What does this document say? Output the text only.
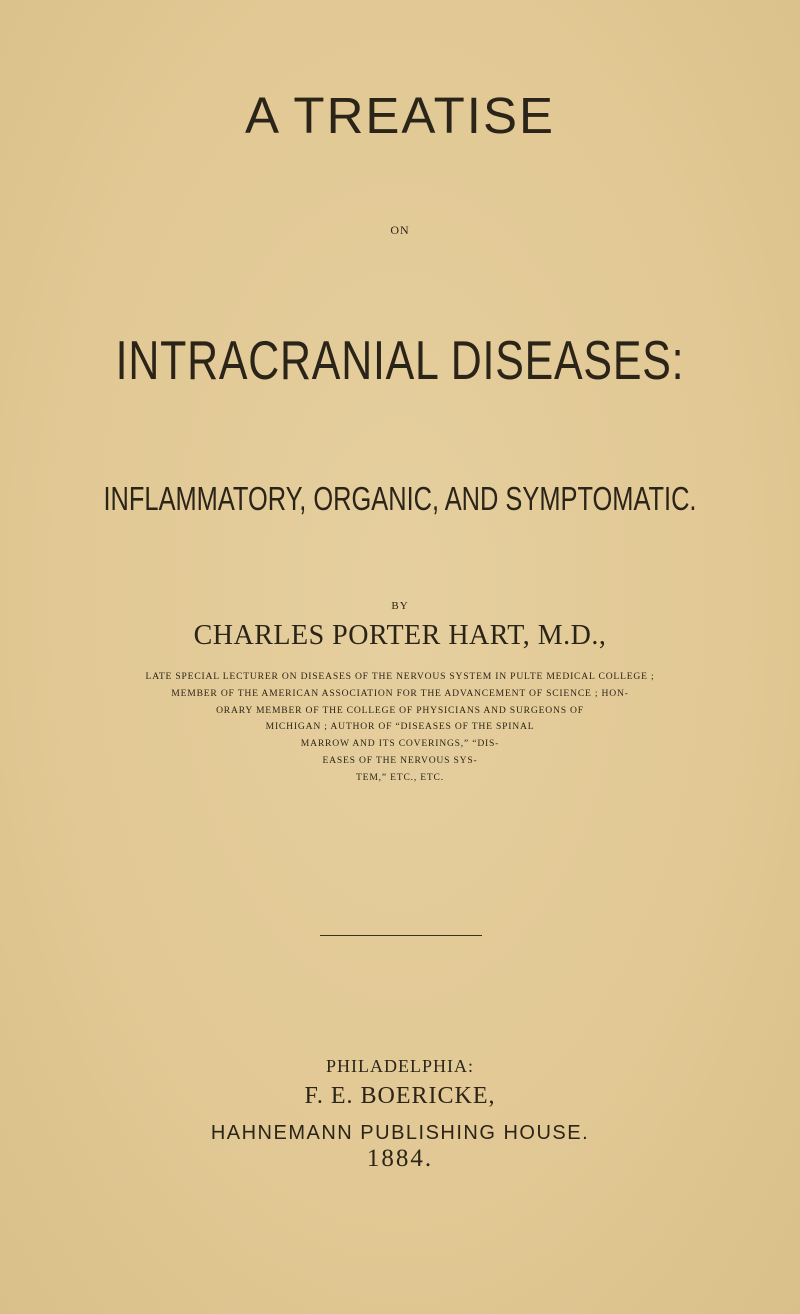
A TREATISE
ON
INTRACRANIAL DISEASES:
INFLAMMATORY, ORGANIC, AND SYMPTOMATIC.
BY
CHARLES PORTER HART, M.D.,
LATE SPECIAL LECTURER ON DISEASES OF THE NERVOUS SYSTEM IN PULTE MEDICAL COLLEGE ;
MEMBER OF THE AMERICAN ASSOCIATION FOR THE ADVANCEMENT OF SCIENCE ; HON-
ORARY MEMBER OF THE COLLEGE OF PHYSICIANS AND SURGEONS OF
MICHIGAN ; AUTHOR OF “DISEASES OF THE SPINAL
MARROW AND ITS COVERINGS,” “DIS-
EASES OF THE NERVOUS SYS-
TEM,” ETC., ETC.
PHILADELPHIA:
F. E. BOERICKE,
HAHNEMANN PUBLISHING HOUSE.
1884.
